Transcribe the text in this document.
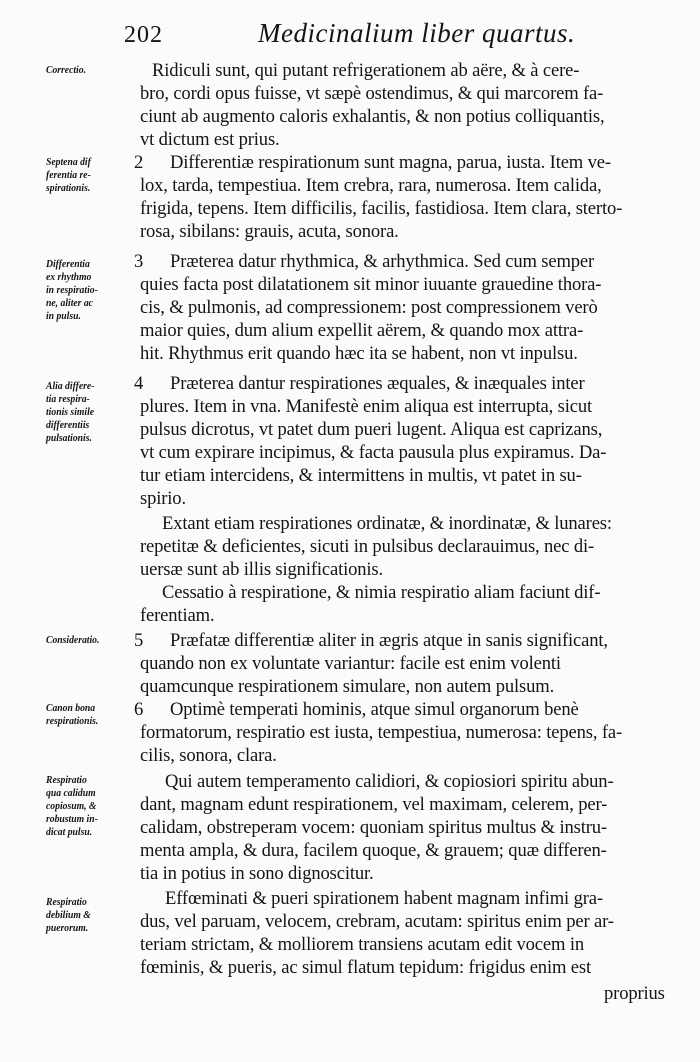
202	Medicinalium liber quartus.
Correctio.
Septena dif
ferentia re-
spirationis.
Differentia
ex rhythmo
in respiratio-
ne, aliter ac
in pulsu.
Alia differe-
tia respira-
tionis simile
differentiis
pulsationis.
Consideratio.
Canon bona
respirationis.
Respiratio
qua calidum
copiosum, &
robustum in-
dicat pulsu.
Respiratio
debilium &
puerorum.
Ridiculi sunt, qui putant refrigerationem ab aëre, & à cere-
bro, cordi opus fuisse, vt sæpè ostendimus, & qui marcorem fa-
ciunt ab augmento caloris exhalantis, & non potius colliquantis,
vt dictum est prius.
2	Differentiæ respirationum sunt magna, parua, iusta. Item ve-
lox, tarda, tempestiua. Item crebra, rara, numerosa. Item calida,
frigida, tepens. Item difficilis, facilis, fastidiosa. Item clara, sterto-
rosa, sibilans: grauis, acuta, sonora.
3	Præterea datur rhythmica, & arhythmica. Sed cum semper
quies facta post dilatationem sit minor iuuante grauedine thora-
cis, & pulmonis, ad compressionem: post compressionem verò
maior quies, dum alium expellit aërem, & quando mox attra-
hit. Rhythmus erit quando hæc ita se habent, non vt inpulsu.
4	Præterea dantur respirationes æquales, & inæquales inter
plures. Item in vna. Manifestè enim aliqua est interrupta, sicut
pulsus dicrotus, vt patet dum pueri lugent. Aliqua est caprizans,
vt cum expirare incipimus, & facta pausula plus expiramus. Da-
tur etiam intercidens, & intermittens in multis, vt patet in su-
spirio.
Extant etiam respirationes ordinatæ, & inordinatæ, & lunares:
repetitæ & deficientes, sicuti in pulsibus declarauimus, nec di-
uersæ sunt ab illis significationis.
Cessatio à respiratione, & nimia respiratio aliam faciunt dif-
ferentiam.
5	Præfatæ differentiæ aliter in ægris atque in sanis significant,
quando non ex voluntate variantur: facile est enim volenti
quamcunque respirationem simulare, non autem pulsum.
6	Optimè temperati hominis, atque simul organorum benè
formatorum, respiratio est iusta, tempestiua, numerosa: tepens, fa-
cilis, sonora, clara.
Qui autem temperamento calidiori, & copiosiori spiritu abun-
dant, magnam edunt respirationem, vel maximam, celerem, per-
calidam, obstreperam vocem: quoniam spiritus multus & instru-
menta ampla, & dura, facilem quoque, & grauem; quæ differen-
tia in potius in sono dignoscitur.
Effœminati & pueri spirationem habent magnam infimi gra-
dus, vel paruam, velocem, crebram, acutam: spiritus enim per ar-
teriam strictam, & molliorem transiens acutam edit vocem in
fœminis, & pueris, ac simul flatum tepidum: frigidus enim est
proprius
